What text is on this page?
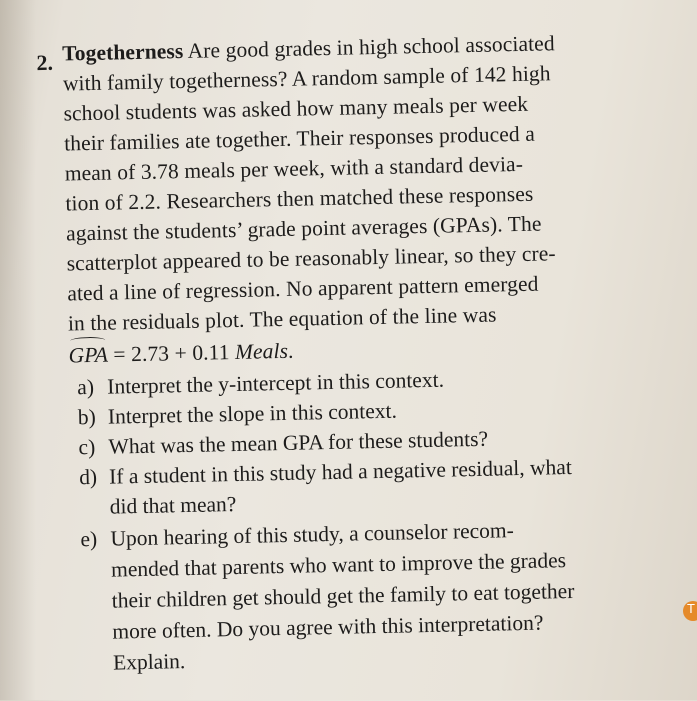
2. Togetherness Are good grades in high school associated
with family togetherness? A random sample of 142 high
school students was asked how many meals per week
their families ate together. Their responses produced a
mean of 3.78 meals per week, with a standard devia-
tion of 2.2. Researchers then matched these responses
against the students’ grade point averages (GPAs). The
scatterplot appeared to be reasonably linear, so they cre-
ated a line of regression. No apparent pattern emerged
in the residuals plot. The equation of the line was
GPA = 2.73 + 0.11 Meals.
a) Interpret the y-intercept in this context.
b) Interpret the slope in this context.
c) What was the mean GPA for these students?
d) If a student in this study had a negative residual, what
did that mean?
e) Upon hearing of this study, a counselor recom-
mended that parents who want to improve the grades
their children get should get the family to eat together
more often. Do you agree with this interpretation?
Explain.
T
